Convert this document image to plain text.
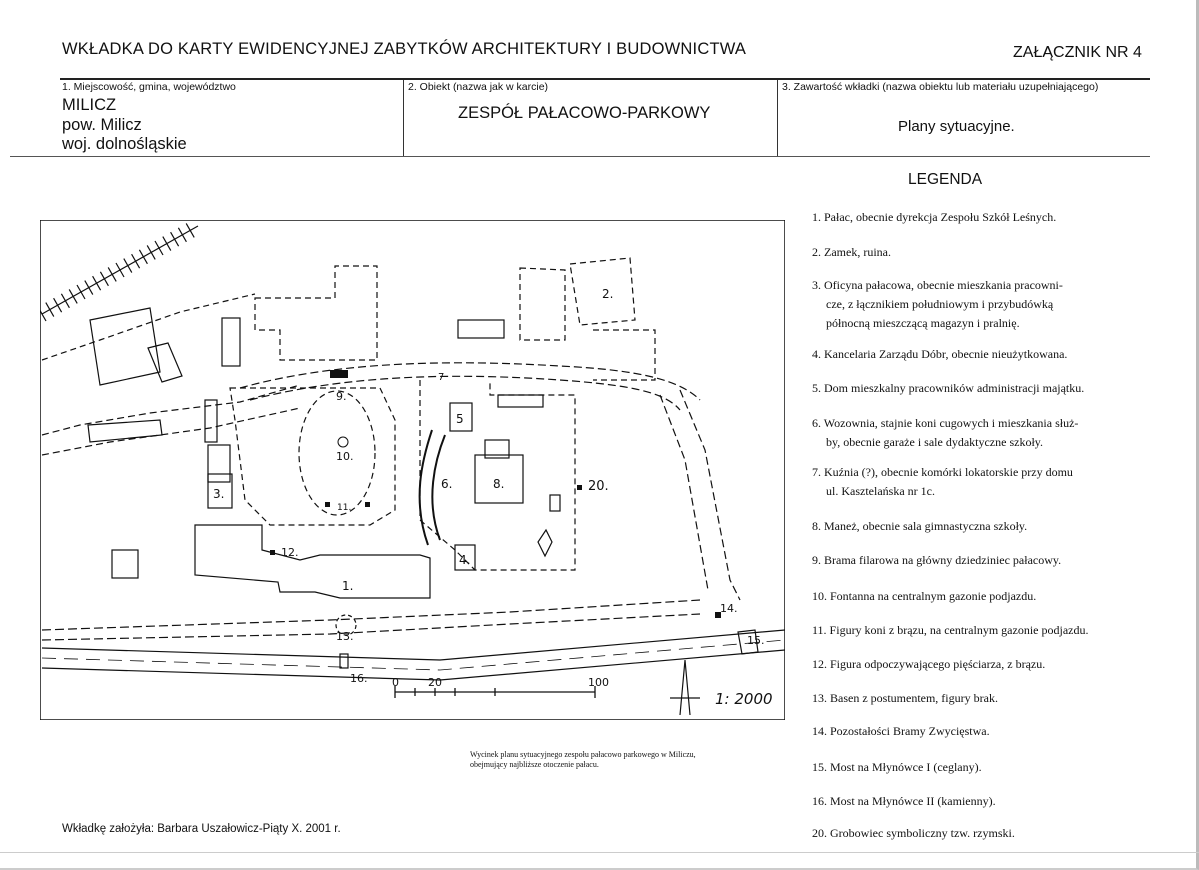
WKŁADKA DO KARTY EWIDENCYJNEJ ZABYTKÓW ARCHITEKTURY I BUDOWNICTWA	ZAŁĄCZNIK NR 4
1. Miejscowość, gmina, województwo
MILICZ
pow. Milicz
woj. dolnośląskie
2. Obiekt (nazwa jak w karcie)
ZESPÓŁ PAŁACOWO-PARKOWY
3. Zawartość wkładki (nazwa obiektu lub materiału uzupełniającego)
Plany sytuacyjne.
LEGENDA
1. Pałac, obecnie dyrekcja Zespołu Szkół Leśnych.
2. Zamek, ruina.
3. Oficyna pałacowa, obecnie mieszkania pracowni-
cze, z łącznikiem południowym i przybudówką
północną mieszczącą magazyn i pralnię.
4. Kancelaria Zarządu Dóbr, obecnie nieużytkowana.
5. Dom mieszkalny pracowników administracji majątku.
6. Wozownia, stajnie koni cugowych i mieszkania służ-
by, obecnie garaże i sale dydaktyczne szkoły.
7. Kuźnia (?), obecnie komórki lokatorskie przy domu
ul. Kasztelańska nr 1c.
8. Maneż, obecnie sala gimnastyczna szkoły.
9. Brama filarowa na główny dziedziniec pałacowy.
10. Fontanna na centralnym gazonie podjazdu.
11. Figury koni z brązu, na centralnym gazonie podjazdu.
12. Figura odpoczywającego pięściarza, z brązu.
13. Basen z postumentem, figury brak.
14. Pozostałości Bramy Zwycięstwa.
15. Most na Młynówce I (ceglany).
16. Most na Młynówce II (kamienny).
20. Grobowiec symboliczny tzw. rzymski.
1.
2.
3.
4.
5
6.
7
8.
9.
10.
11.
12.
13.
14.
15.
16.
20.
0	20	100
1: 2000
Wycinek planu sytuacyjnego zespołu pałacowo parkowego w Miliczu,
obejmujący najbliższe otoczenie pałacu.
Wkładkę założyła: Barbara Uszałowicz-Piąty X. 2001 r.
